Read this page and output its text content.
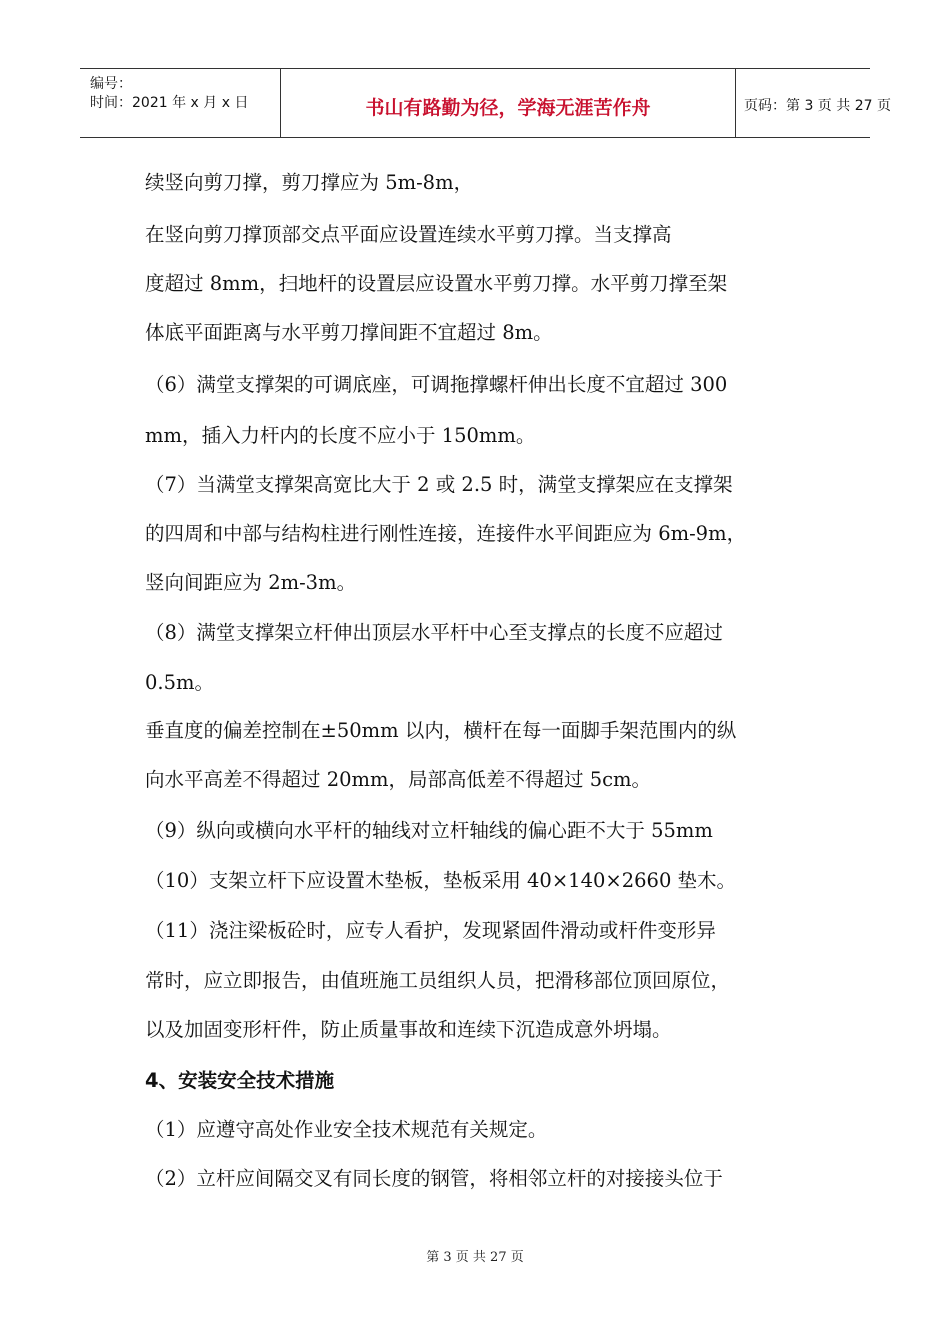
编号：
时间：2021 年 x 月 x 日	书山有路勤为径，学海无涯苦作舟	页码：第 3 页 共 27 页
续竖向剪刀撑，剪刀撑应为 5m-8m，
在竖向剪刀撑顶部交点平面应设置连续水平剪刀撑。当支撑高
度超过 8mm，扫地杆的设置层应设置水平剪刀撑。水平剪刀撑至架
体底平面距离与水平剪刀撑间距不宜超过 8m。
（6）满堂支撑架的可调底座，可调拖撑螺杆伸出长度不宜超过 300
mm，插入力杆内的长度不应小于 150mm。
（7）当满堂支撑架高宽比大于 2 或 2.5 时，满堂支撑架应在支撑架
的四周和中部与结构柱进行刚性连接，连接件水平间距应为 6m-9m，
竖向间距应为 2m-3m。
（8）满堂支撑架立杆伸出顶层水平杆中心至支撑点的长度不应超过
0.5m。
垂直度的偏差控制在±50mm 以内，横杆在每一面脚手架范围内的纵
向水平高差不得超过 20mm，局部高低差不得超过 5cm。
（9）纵向或横向水平杆的轴线对立杆轴线的偏心距不大于 55mm
（10）支架立杆下应设置木垫板，垫板采用 40×140×2660 垫木。
（11）浇注梁板砼时，应专人看护，发现紧固件滑动或杆件变形异
常时，应立即报告，由值班施工员组织人员，把滑移部位顶回原位，
以及加固变形杆件，防止质量事故和连续下沉造成意外坍塌。
4、安装安全技术措施
（1）应遵守高处作业安全技术规范有关规定。
（2）立杆应间隔交叉有同长度的钢管，将相邻立杆的对接接头位于
第 3 页 共 27 页
